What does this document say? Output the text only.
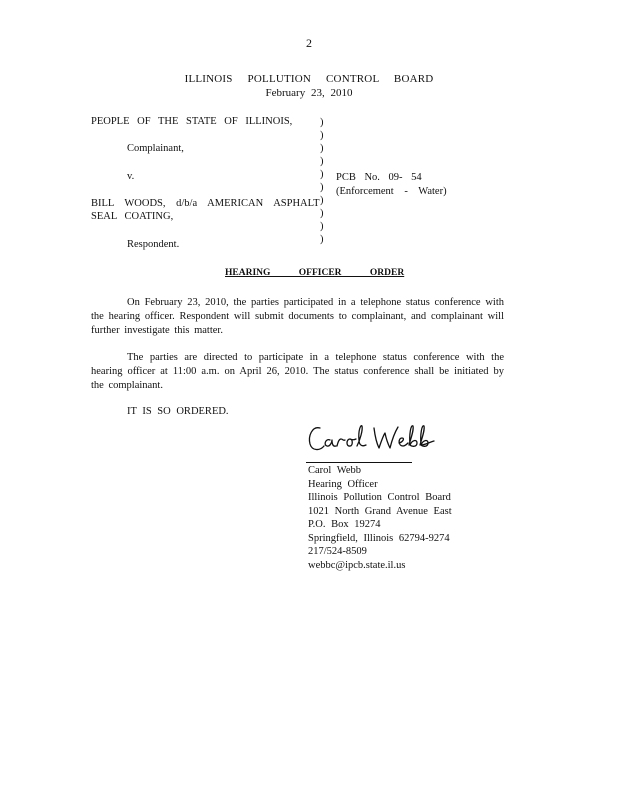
2
ILLINOIS POLLUTION CONTROL BOARD
February 23, 2010
PEOPLE OF THE STATE OF ILLINOIS,
Complainant,
v.
BILL WOODS, d/b/a AMERICAN ASPHALT
SEAL COATING,
Respondent.
)
)
)
)
)
)
)
)
)
)
PCB No. 09- 54
(Enforcement - Water)
HEARING OFFICER ORDER
On February 23, 2010, the parties participated in a telephone status conference with the hearing officer. Respondent will submit documents to complainant, and complainant will further investigate this matter.
The parties are directed to participate in a telephone status conference with the hearing officer at 11:00 a.m. on April 26, 2010. The status conference shall be initiated by the complainant.
IT IS SO ORDERED.
Carol Webb
Hearing Officer
Illinois Pollution Control Board
1021 North Grand Avenue East
P.O. Box 19274
Springfield, Illinois 62794-9274
217/524-8509
webbc@ipcb.state.il.us
